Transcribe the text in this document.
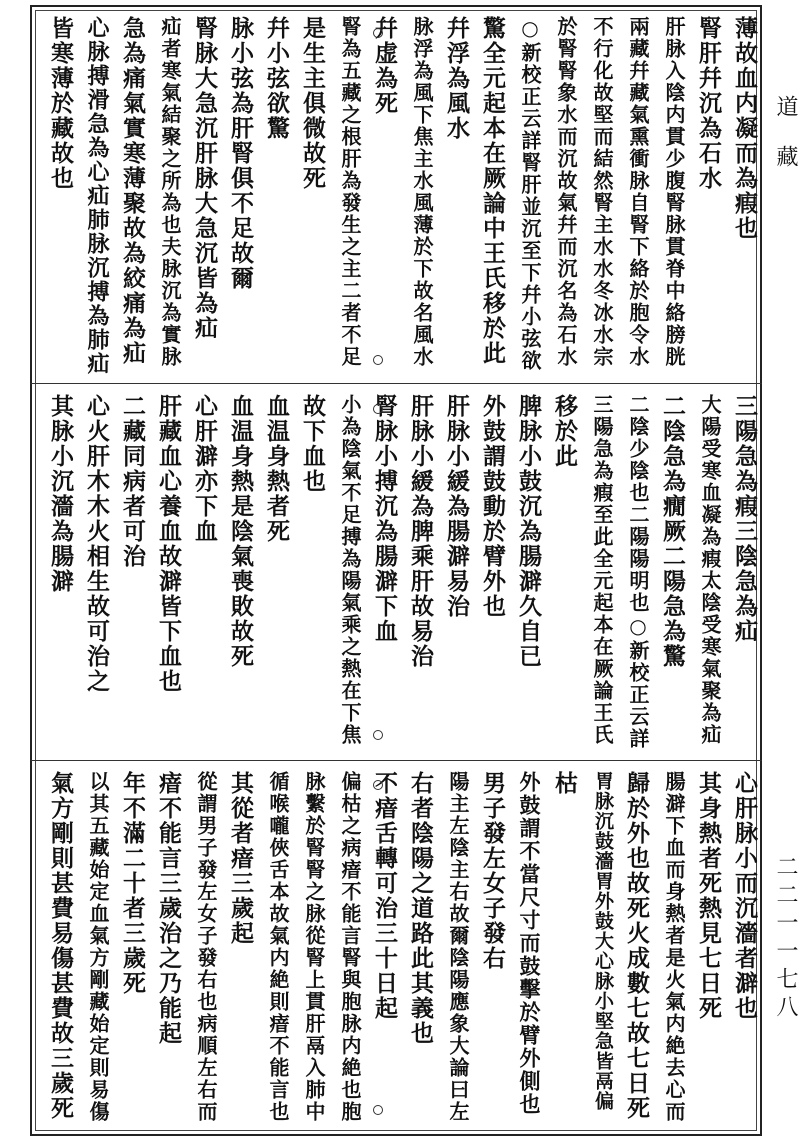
道藏
二二一一七八
薄故血内凝而為瘕也
腎肝幷沉為石水
肝脉入陰内貫少腹腎脉貫脊中絡膀胱
兩藏幷藏氣熏衝脉自腎下絡於胞令水
不行化故堅而結然腎主水水冬冰水宗
於腎腎象水而沉故氣幷而沉名為石水
○新校正云詳腎肝並沉至下幷小弦欲
驚全元起本在厥論中王氏移於此
幷浮為風水
脉浮為風下焦主水風薄於下故名風水
幷虚為死
腎為五藏之根肝為發生之主二者不足
是生主俱微故死
幷小弦欲驚
脉小弦為肝腎俱不足故爾
腎脉大急沉肝脉大急沉皆為疝
疝者寒氣結聚之所為也夫脉沉為實脉
急為痛氣實寒薄聚故為絞痛為疝
心脉搏滑急為心疝肺脉沉搏為肺疝
皆寒薄於藏故也
三陽急為瘕三陰急為疝
大陽受寒血凝為瘕太陰受寒氣聚為疝
二陰急為癇厥二陽急為驚
二陰少陰也二陽陽明也○新校正云詳
三陽急為瘕至此全元起本在厥論王氏
移於此
脾脉小鼓沉為腸澼久自已
外鼓謂鼓動於臂外也
肝脉小緩為腸澼易治
肝脉小緩為脾乘肝故易治
腎脉小搏沉為腸澼下血
小為陰氣不足搏為陽氣乘之熱在下焦
故下血也
血温身熱者死
血温身熱是陰氣喪敗故死
心肝澼亦下血
肝藏血心養血故澼皆下血也
二藏同病者可治
心火肝木木火相生故可治之
其脉小沉濇為腸澼
心肝脉小而沉濇者澼也
其身熱者死熱見七日死
腸澼下血而身熱者是火氣内絶去心而
歸於外也故死火成數七故七日死
胃脉沉鼓濇胃外鼓大心脉小堅急皆鬲偏
枯
外鼓謂不當尺寸而鼓擊於臂外側也
男子發左女子發右
陽主左陰主右故爾陰陽應象大論曰左
右者陰陽之道路此其義也
不瘖舌轉可治三十日起
偏枯之病瘖不能言腎與胞脉内絶也胞
脉繫於腎腎之脉從腎上貫肝鬲入肺中
循喉嚨俠舌本故氣内絶則瘖不能言也
其從者瘖三歲起
從謂男子發左女子發右也病順左右而
瘖不能言三歲治之乃能起
年不滿二十者三歲死
以其五藏始定血氣方剛藏始定則易傷
氣方剛則甚費易傷甚費故三歲死
